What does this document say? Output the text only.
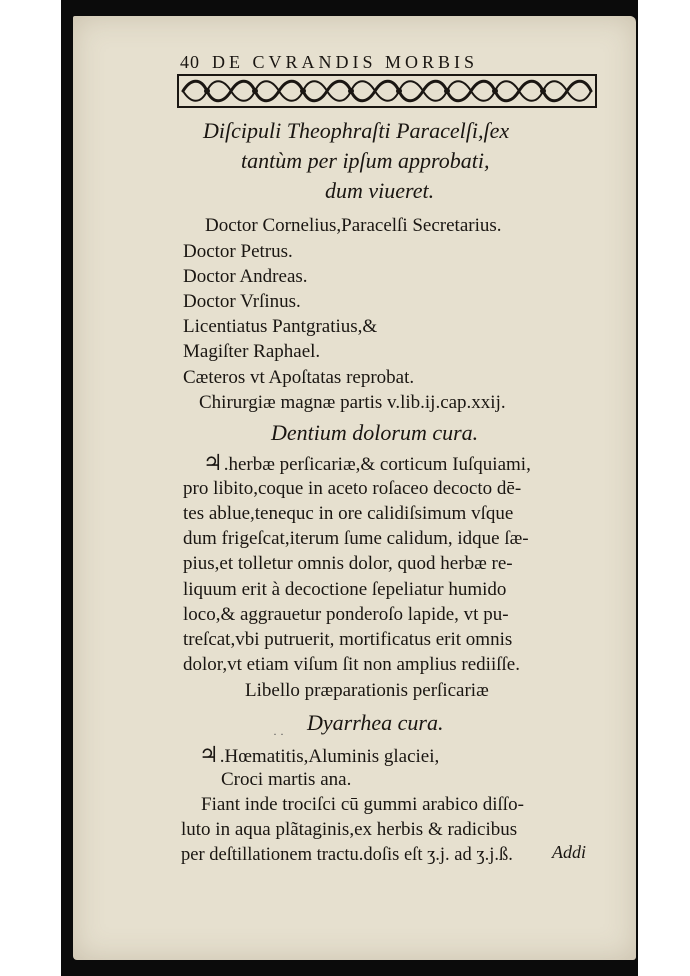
40 DE CVRANDIS MORBIS
Diſcipuli Theophraſti Paracelſi,ſex
tantùm per ipſum approbati,
dum viueret.
Doctor Cornelius,Paracelſi Secretarius.
Doctor Petrus.
Doctor Andreas.
Doctor Vrſinus.
Licentiatus Pantgratius,&
Magiſter Raphael.
Cæteros vt Apoſtatas reprobat.
Chirurgiæ magnæ partis v.lib.ij.cap.xxij.
Dentium dolorum cura.
♃.herbæ perſicariæ,& corticum Iuſquiami,
pro libito,coque in aceto roſaceo decocto dē-
tes ablue,tenequc in ore calidiſsimum vſque
dum frigeſcat,iterum ſume calidum, idque ſæ-
pius,et tolletur omnis dolor, quod herbæ re-
liquum erit à decoctione ſepeliatur humido
loco,& aggrauetur ponderoſo lapide, vt pu-
treſcat,vbi putruerit, mortificatus erit omnis
dolor,vt etiam viſum ſit non amplius rediiſſe.
Libello præparationis perſicariæ
· · Dyarrhea cura.
♃.Hœmatitis,Aluminis glaciei,
Croci martis ana.
Fiant inde trociſci cū gummi arabico diſſo-
luto in aqua plãtaginis,ex herbis & radicibus
per deſtillationem tractu.doſis eſt ʒ.j. ad ʒ.j.ß. Addi
